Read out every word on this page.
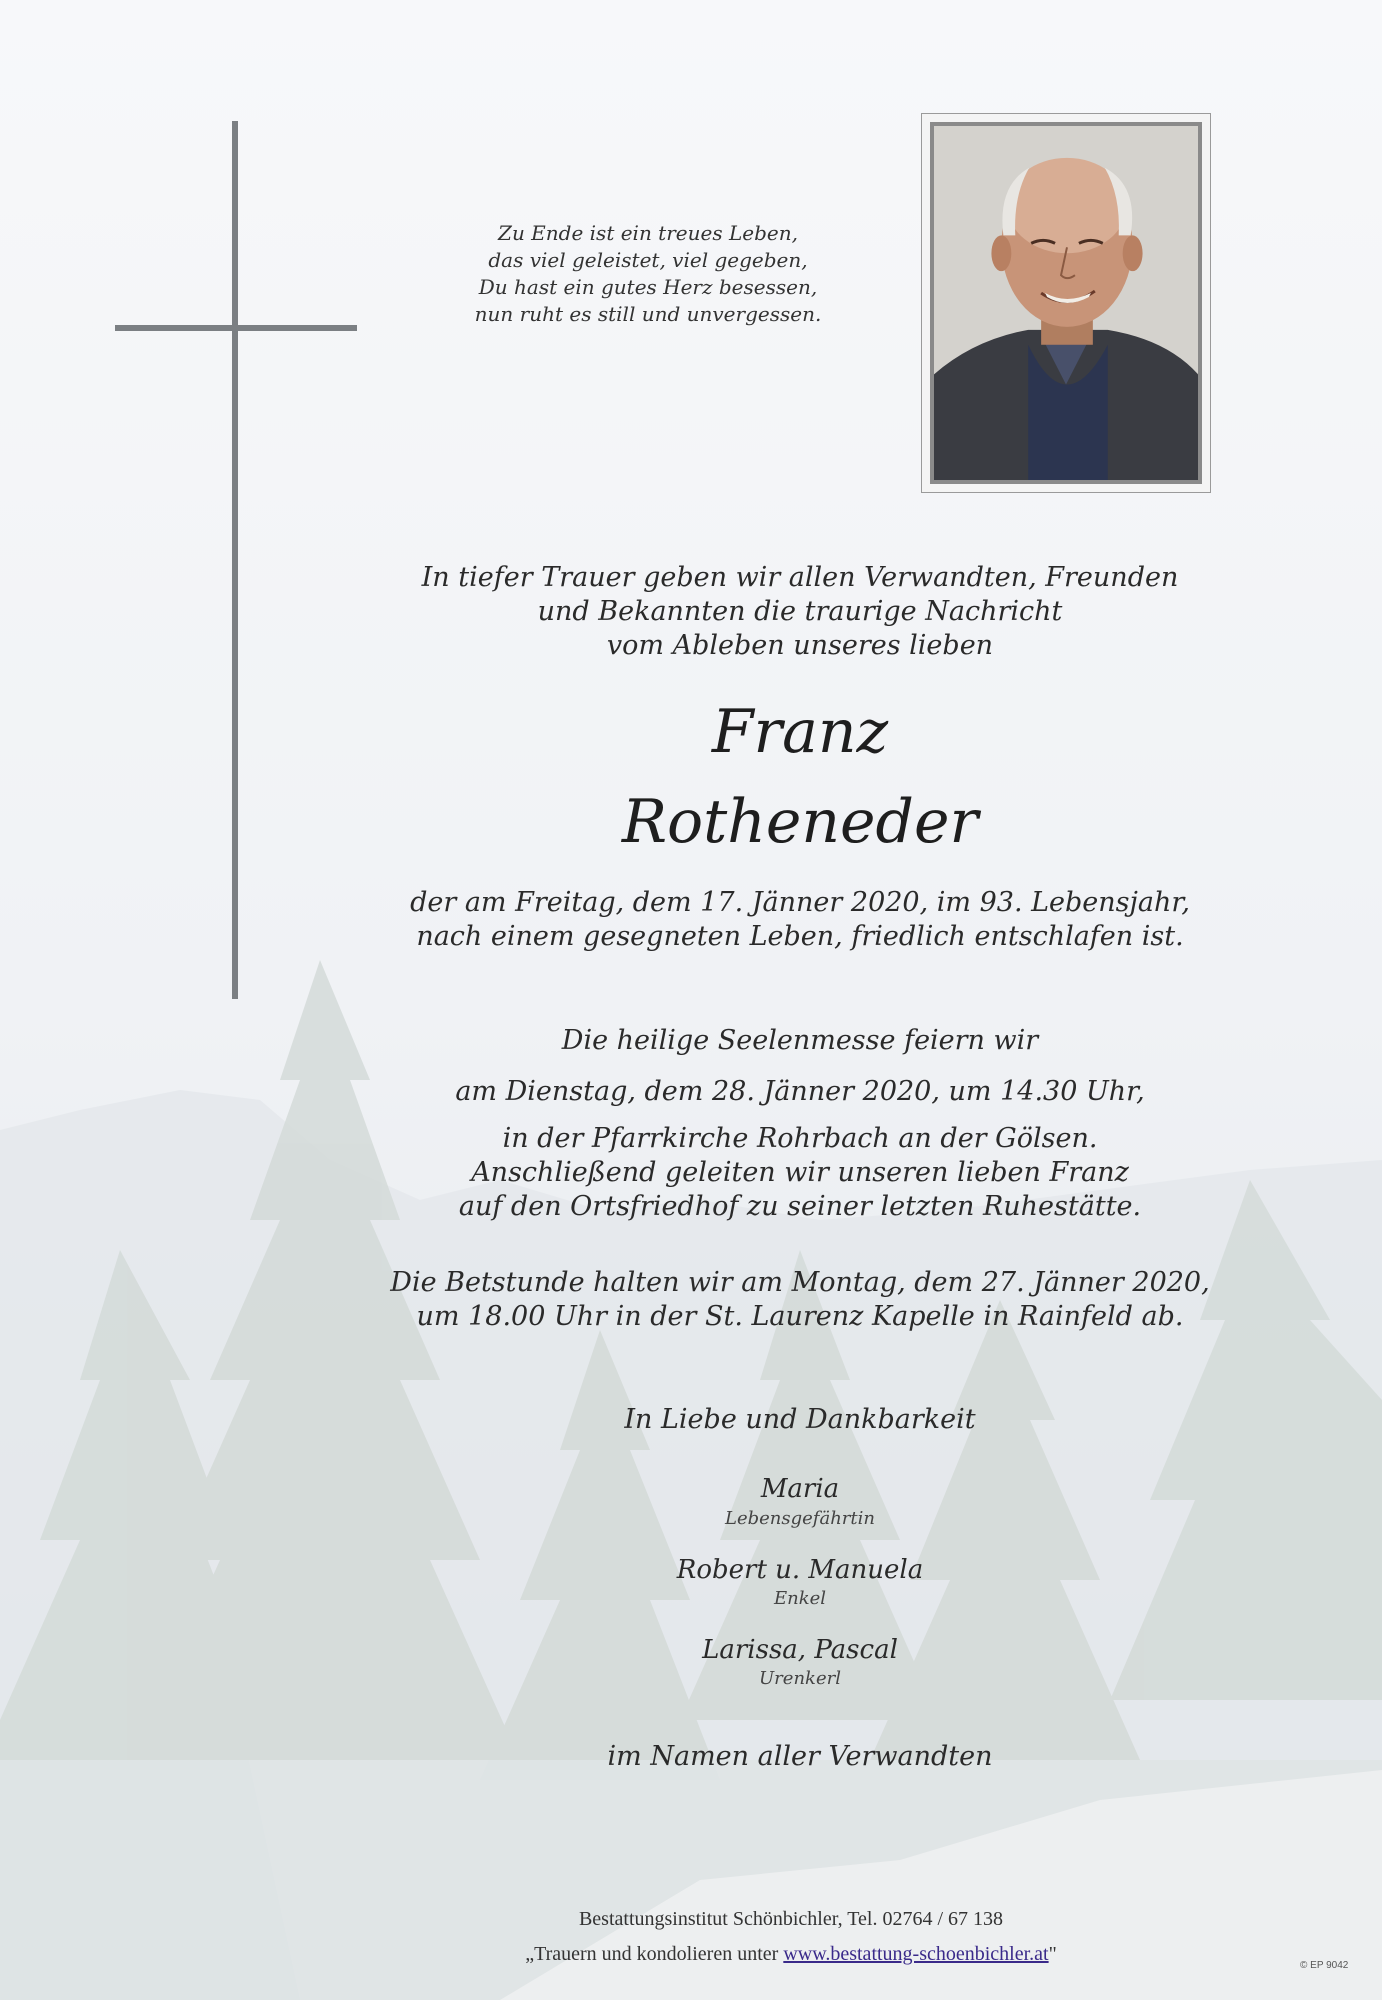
Zu Ende ist ein treues Leben,
das viel geleistet, viel gegeben,
Du hast ein gutes Herz besessen,
nun ruht es still und unvergessen.
In tiefer Trauer geben wir allen Verwandten, Freunden
und Bekannten die traurige Nachricht
vom Ableben unseres lieben
Franz
Rotheneder
der am Freitag, dem 17. Jänner 2020, im 93. Lebensjahr,
nach einem gesegneten Leben, friedlich entschlafen ist.
Die heilige Seelenmesse feiern wir
am Dienstag, dem 28. Jänner 2020, um 14.30 Uhr,
in der Pfarrkirche Rohrbach an der Gölsen.
Anschließend geleiten wir unseren lieben Franz
auf den Ortsfriedhof zu seiner letzten Ruhestätte.
Die Betstunde halten wir am Montag, dem 27. Jänner 2020,
um 18.00 Uhr in der St. Laurenz Kapelle in Rainfeld ab.
In Liebe und Dankbarkeit
Maria
Lebensgefährtin
Robert u. Manuela
Enkel
Larissa, Pascal
Urenkerl
im Namen aller Verwandten
Bestattungsinstitut Schönbichler, Tel. 02764 / 67 138
„Trauern und kondolieren unter www.bestattung-schoenbichler.at"
© EP 9042
